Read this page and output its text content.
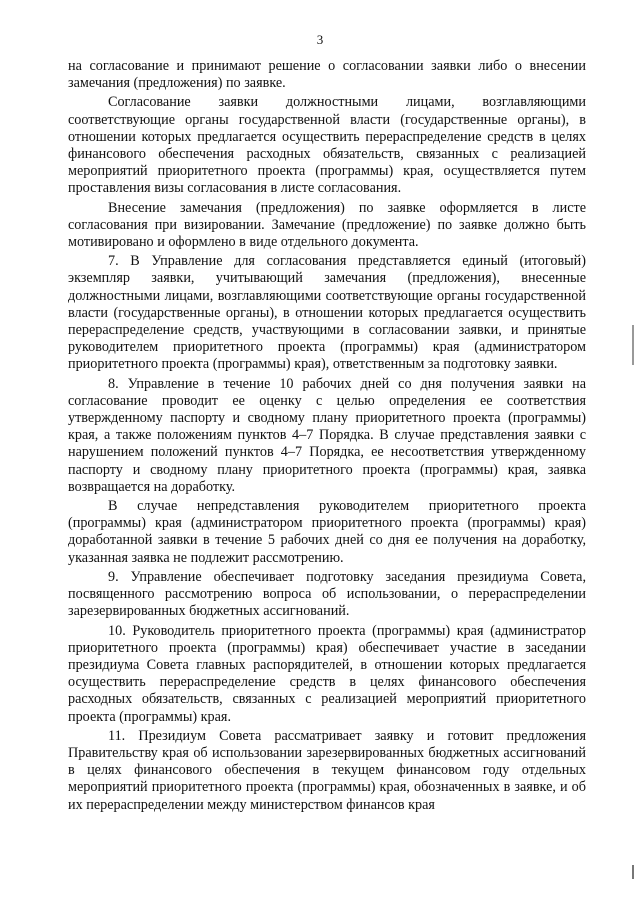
3

на согласование и принимают решение о согласовании заявки либо о внесении замечания (предложения) по заявке.

Согласование заявки должностными лицами, возглавляющими соответствующие органы государственной власти (государственные органы), в отношении которых предлагается осуществить перераспределение средств в целях финансового обеспечения расходных обязательств, связанных с реализацией мероприятий приоритетного проекта (программы) края, осуществляется путем проставления визы согласования в листе согласования.

Внесение замечания (предложения) по заявке оформляется в листе согласования при визировании. Замечание (предложение) по заявке должно быть мотивировано и оформлено в виде отдельного документа.

7. В Управление для согласования представляется единый (итоговый) экземпляр заявки, учитывающий замечания (предложения), внесенные должностными лицами, возглавляющими соответствующие органы государственной власти (государственные органы), в отношении которых предлагается осуществить перераспределение средств, участвующими в согласовании заявки, и принятые руководителем приоритетного проекта (программы) края (администратором приоритетного проекта (программы) края), ответственным за подготовку заявки.

8. Управление в течение 10 рабочих дней со дня получения заявки на согласование проводит ее оценку с целью определения ее соответствия утвержденному паспорту и сводному плану приоритетного проекта (программы) края, а также положениям пунктов 4–7 Порядка. В случае представления заявки с нарушением положений пунктов 4–7 Порядка, ее несоответствия утвержденному паспорту и сводному плану приоритетного проекта (программы) края, заявка возвращается на доработку.

В случае непредставления руководителем приоритетного проекта (программы) края (администратором приоритетного проекта (программы) края) доработанной заявки в течение 5 рабочих дней со дня ее получения на доработку, указанная заявка не подлежит рассмотрению.

9. Управление обеспечивает подготовку заседания президиума Совета, посвященного рассмотрению вопроса об использовании, о перераспределении зарезервированных бюджетных ассигнований.

10. Руководитель приоритетного проекта (программы) края (администратор приоритетного проекта (программы) края) обеспечивает участие в заседании президиума Совета главных распорядителей, в отношении которых предлагается осуществить перераспределение средств в целях финансового обеспечения расходных обязательств, связанных с реализацией мероприятий приоритетного проекта (программы) края.

11. Президиум Совета рассматривает заявку и готовит предложения Правительству края об использовании зарезервированных бюджетных ассигнований в целях финансового обеспечения в текущем финансовом году отдельных мероприятий приоритетного проекта (программы) края, обозначенных в заявке, и об их перераспределении между министерством финансов края
